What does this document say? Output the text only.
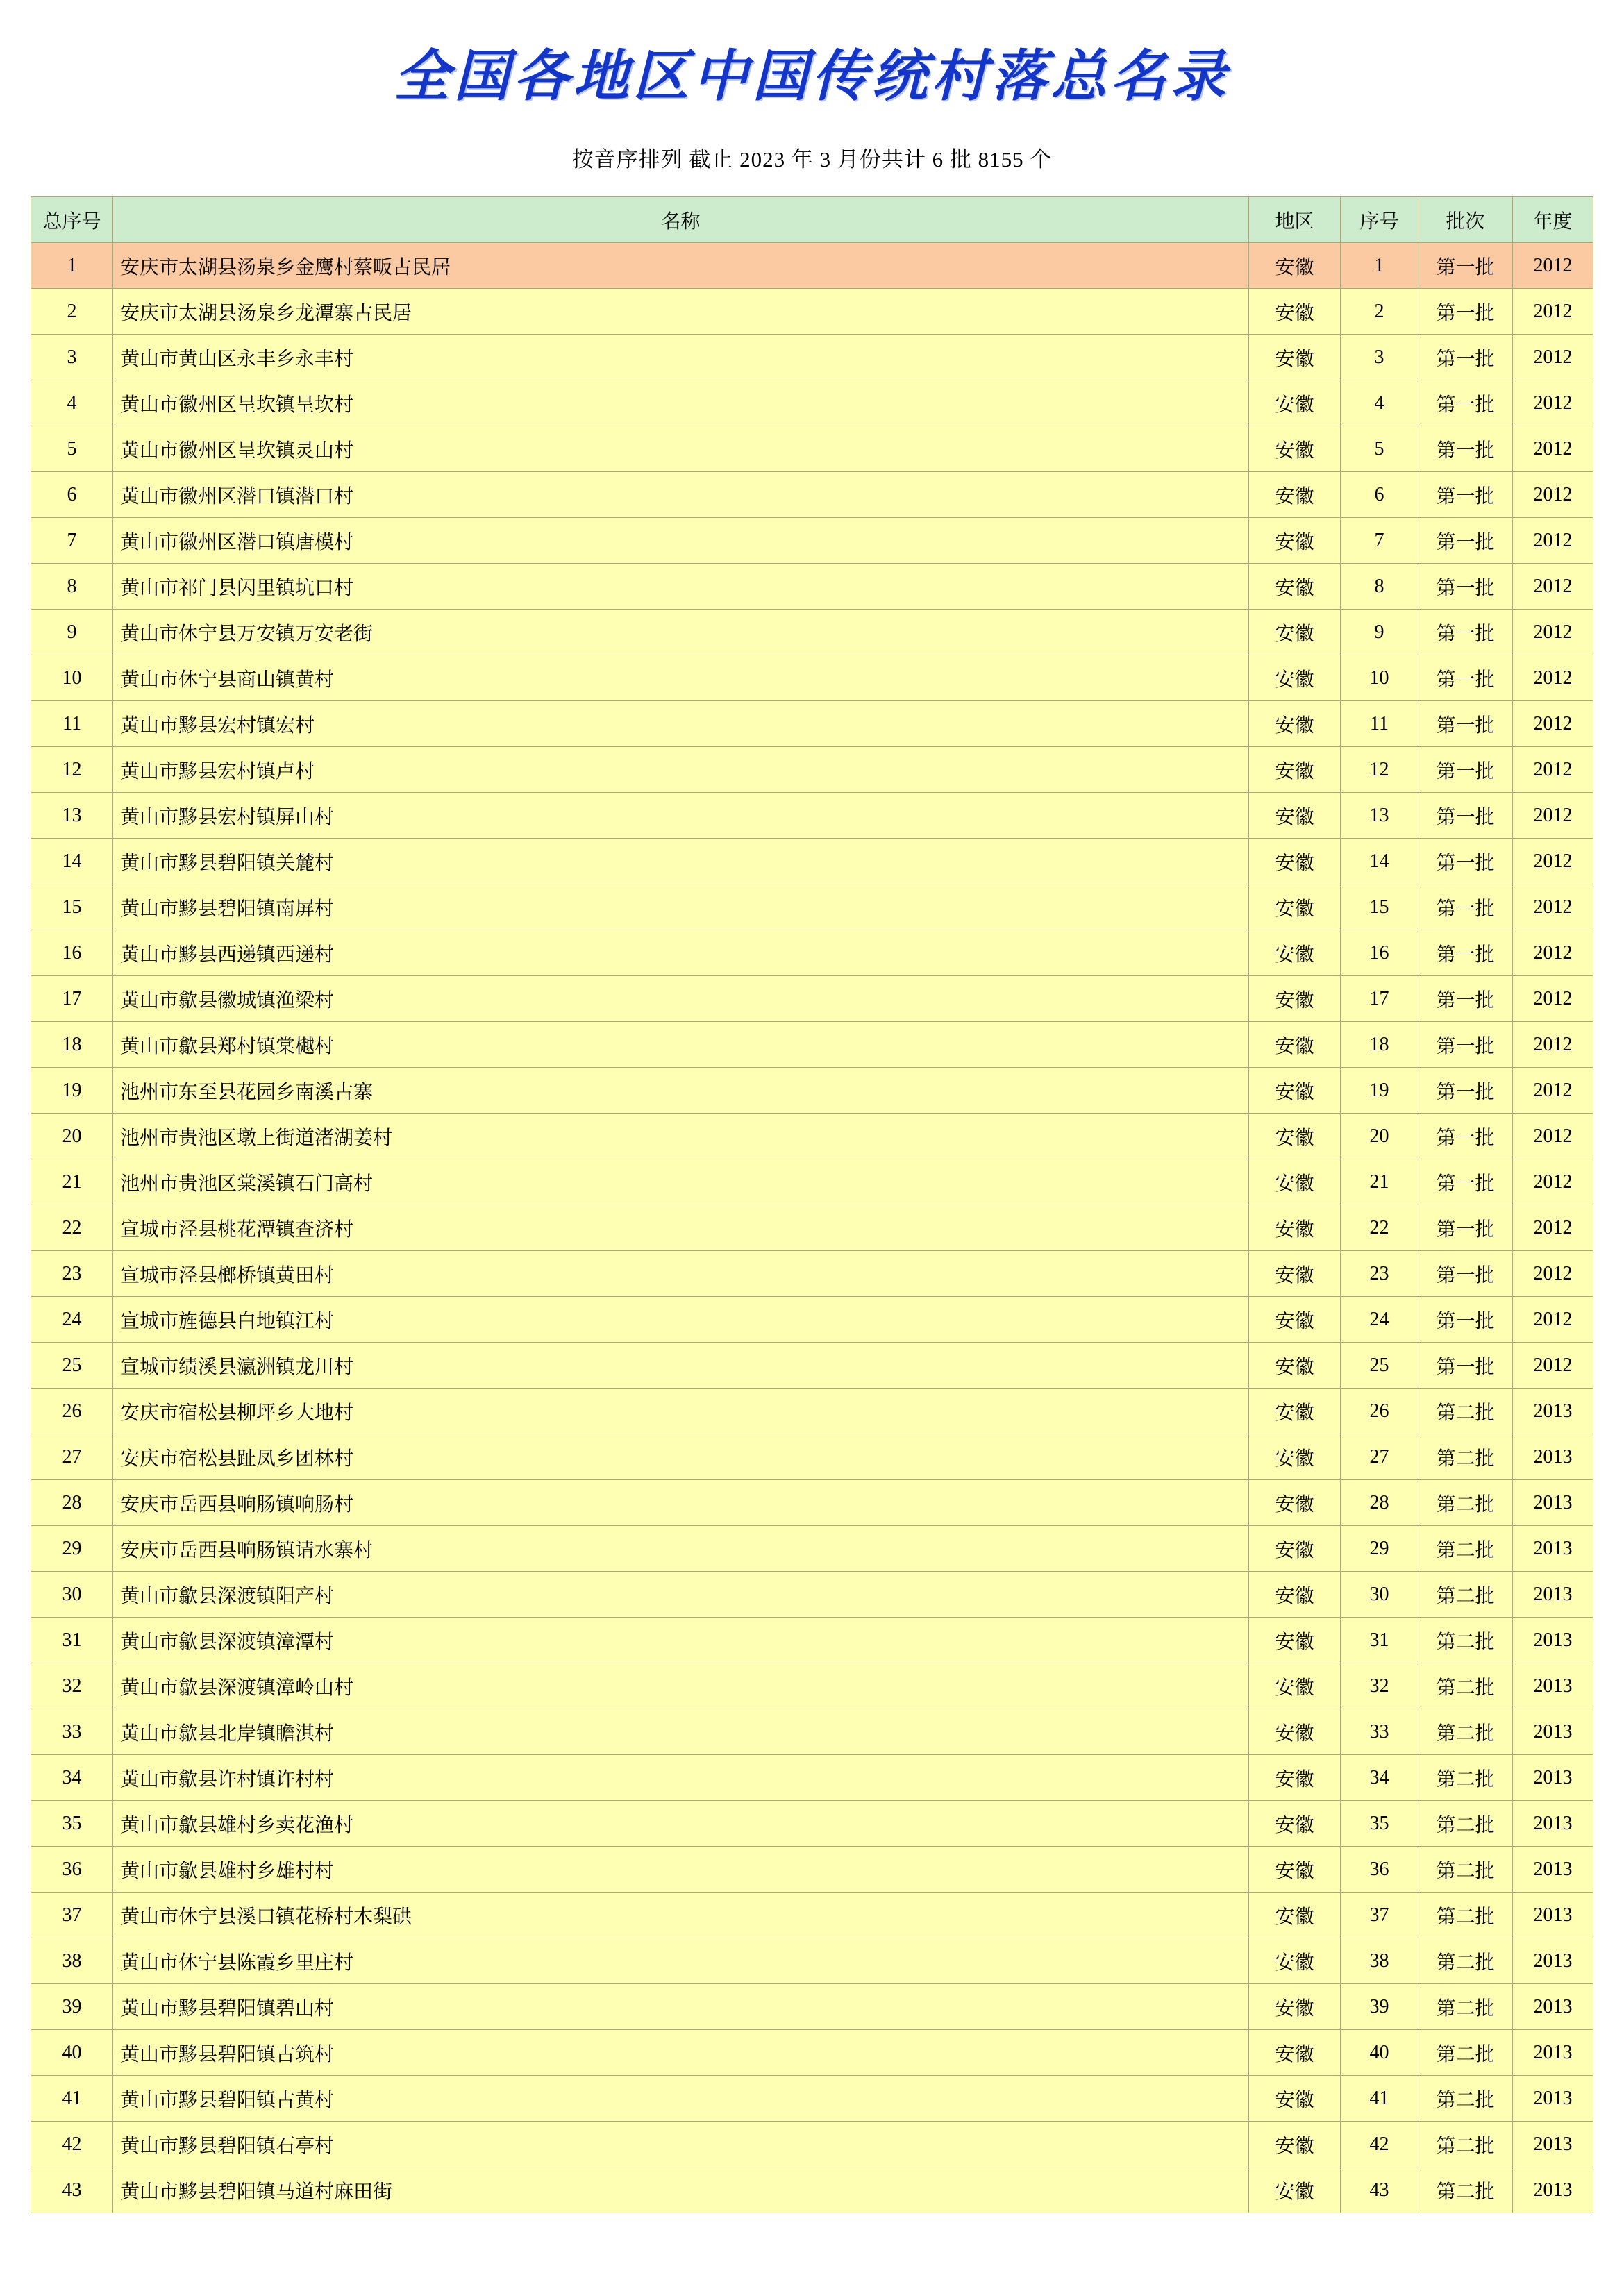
全国各地区中国传统村落总名录
按音序排列 截止 2023 年 3 月份共计 6 批 8155 个
总序号	名称	地区	序号	批次	年度
1	安庆市太湖县汤泉乡金鹰村蔡畈古民居	安徽	1	第一批	2012
2	安庆市太湖县汤泉乡龙潭寨古民居	安徽	2	第一批	2012
3	黄山市黄山区永丰乡永丰村	安徽	3	第一批	2012
4	黄山市徽州区呈坎镇呈坎村	安徽	4	第一批	2012
5	黄山市徽州区呈坎镇灵山村	安徽	5	第一批	2012
6	黄山市徽州区潜口镇潜口村	安徽	6	第一批	2012
7	黄山市徽州区潜口镇唐模村	安徽	7	第一批	2012
8	黄山市祁门县闪里镇坑口村	安徽	8	第一批	2012
9	黄山市休宁县万安镇万安老街	安徽	9	第一批	2012
10	黄山市休宁县商山镇黄村	安徽	10	第一批	2012
11	黄山市黟县宏村镇宏村	安徽	11	第一批	2012
12	黄山市黟县宏村镇卢村	安徽	12	第一批	2012
13	黄山市黟县宏村镇屏山村	安徽	13	第一批	2012
14	黄山市黟县碧阳镇关麓村	安徽	14	第一批	2012
15	黄山市黟县碧阳镇南屏村	安徽	15	第一批	2012
16	黄山市黟县西递镇西递村	安徽	16	第一批	2012
17	黄山市歙县徽城镇渔梁村	安徽	17	第一批	2012
18	黄山市歙县郑村镇棠樾村	安徽	18	第一批	2012
19	池州市东至县花园乡南溪古寨	安徽	19	第一批	2012
20	池州市贵池区墩上街道渚湖姜村	安徽	20	第一批	2012
21	池州市贵池区棠溪镇石门高村	安徽	21	第一批	2012
22	宣城市泾县桃花潭镇查济村	安徽	22	第一批	2012
23	宣城市泾县榔桥镇黄田村	安徽	23	第一批	2012
24	宣城市旌德县白地镇江村	安徽	24	第一批	2012
25	宣城市绩溪县瀛洲镇龙川村	安徽	25	第一批	2012
26	安庆市宿松县柳坪乡大地村	安徽	26	第二批	2013
27	安庆市宿松县趾凤乡团林村	安徽	27	第二批	2013
28	安庆市岳西县响肠镇响肠村	安徽	28	第二批	2013
29	安庆市岳西县响肠镇请水寨村	安徽	29	第二批	2013
30	黄山市歙县深渡镇阳产村	安徽	30	第二批	2013
31	黄山市歙县深渡镇漳潭村	安徽	31	第二批	2013
32	黄山市歙县深渡镇漳岭山村	安徽	32	第二批	2013
33	黄山市歙县北岸镇瞻淇村	安徽	33	第二批	2013
34	黄山市歙县许村镇许村村	安徽	34	第二批	2013
35	黄山市歙县雄村乡卖花渔村	安徽	35	第二批	2013
36	黄山市歙县雄村乡雄村村	安徽	36	第二批	2013
37	黄山市休宁县溪口镇花桥村木梨硔	安徽	37	第二批	2013
38	黄山市休宁县陈霞乡里庄村	安徽	38	第二批	2013
39	黄山市黟县碧阳镇碧山村	安徽	39	第二批	2013
40	黄山市黟县碧阳镇古筑村	安徽	40	第二批	2013
41	黄山市黟县碧阳镇古黄村	安徽	41	第二批	2013
42	黄山市黟县碧阳镇石亭村	安徽	42	第二批	2013
43	黄山市黟县碧阳镇马道村麻田街	安徽	43	第二批	2013
